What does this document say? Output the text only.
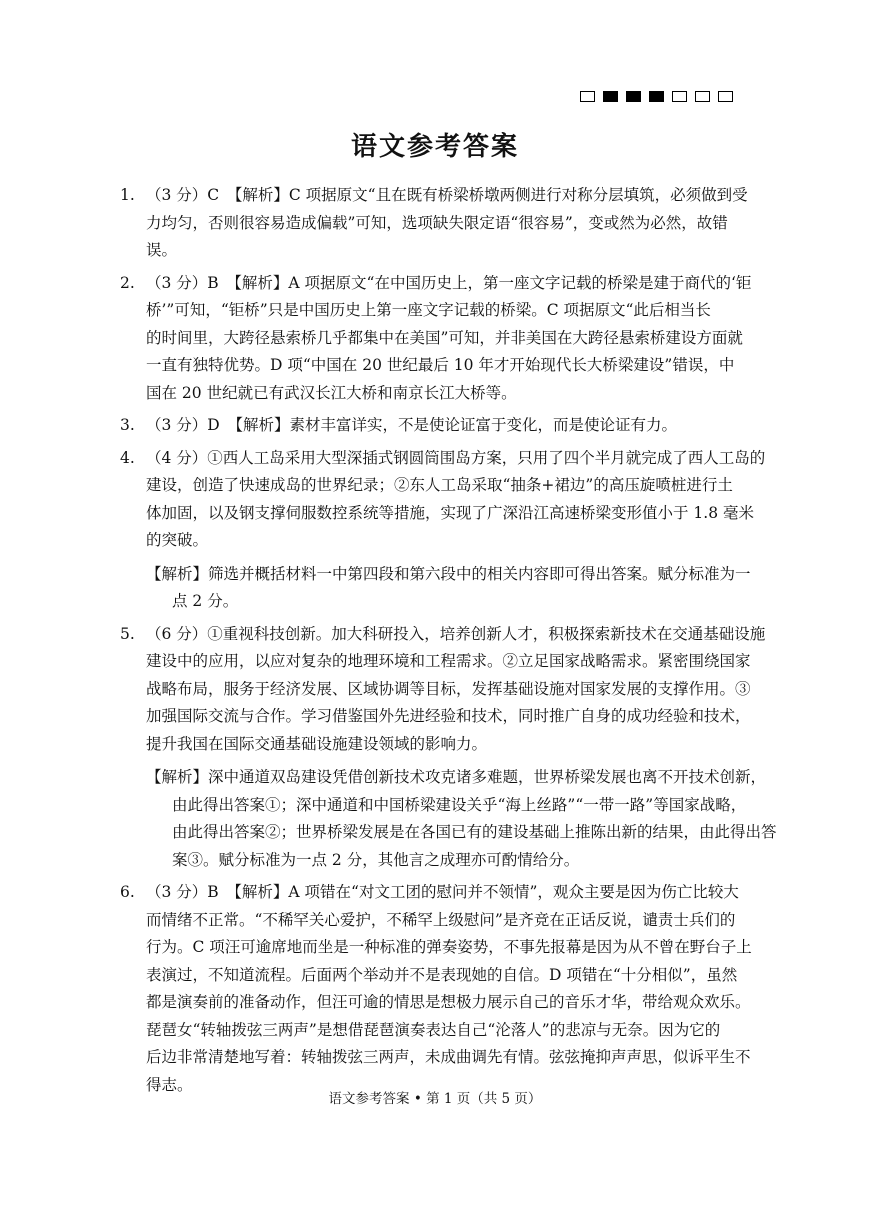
语文参考答案
1. （3 分）C　【解析】C 项据原文“且在既有桥梁桥墩两侧进行对称分层填筑，必须做到受
力均匀，否则很容易造成偏载”可知，选项缺失限定语“很容易”，变或然为必然，故错
误。
2. （3 分）B　【解析】A 项据原文“在中国历史上，第一座文字记载的桥梁是建于商代的‘钜
桥’”可知，“钜桥”只是中国历史上第一座文字记载的桥梁。C 项据原文“此后相当长
的时间里，大跨径悬索桥几乎都集中在美国”可知，并非美国在大跨径悬索桥建设方面就
一直有独特优势。D 项“中国在 20 世纪最后 10 年才开始现代长大桥梁建设”错误，中
国在 20 世纪就已有武汉长江大桥和南京长江大桥等。
3. （3 分）D　【解析】素材丰富详实，不是使论证富于变化，而是使论证有力。
4. （4 分）①西人工岛采用大型深插式钢圆筒围岛方案，只用了四个半月就完成了西人工岛的
建设，创造了快速成岛的世界纪录；②东人工岛采取“抽条+裙边”的高压旋喷桩进行土
体加固，以及钢支撑伺服数控系统等措施，实现了广深沿江高速桥梁变形值小于 1.8 毫米
的突破。
【解析】筛选并概括材料一中第四段和第六段中的相关内容即可得出答案。赋分标准为一
点 2 分。
5. （6 分）①重视科技创新。加大科研投入，培养创新人才，积极探索新技术在交通基础设施
建设中的应用，以应对复杂的地理环境和工程需求。②立足国家战略需求。紧密围绕国家
战略布局，服务于经济发展、区域协调等目标，发挥基础设施对国家发展的支撑作用。③
加强国际交流与合作。学习借鉴国外先进经验和技术，同时推广自身的成功经验和技术，
提升我国在国际交通基础设施建设领域的影响力。
【解析】深中通道双岛建设凭借创新技术攻克诸多难题，世界桥梁发展也离不开技术创新，
由此得出答案①；深中通道和中国桥梁建设关乎“海上丝路”“一带一路”等国家战略，
由此得出答案②；世界桥梁发展是在各国已有的建设基础上推陈出新的结果，由此得出答
案③。赋分标准为一点 2 分，其他言之成理亦可酌情给分。
6. （3 分）B　【解析】A 项错在“对文工团的慰问并不领情”，观众主要是因为伤亡比较大
而情绪不正常。“不稀罕关心爱护，不稀罕上级慰问”是齐竞在正话反说，谴责士兵们的
行为。C 项汪可逾席地而坐是一种标准的弹奏姿势，不事先报幕是因为从不曾在野台子上
表演过，不知道流程。后面两个举动并不是表现她的自信。D 项错在“十分相似”，虽然
都是演奏前的准备动作，但汪可逾的情思是想极力展示自己的音乐才华，带给观众欢乐。
琵琶女“转轴拨弦三两声”是想借琵琶演奏表达自己“沦落人”的悲凉与无奈。因为它的
后边非常清楚地写着：转轴拨弦三两声，未成曲调先有情。弦弦掩抑声声思，似诉平生不
得志。
语文参考答案 • 第 1 页（共 5 页）
